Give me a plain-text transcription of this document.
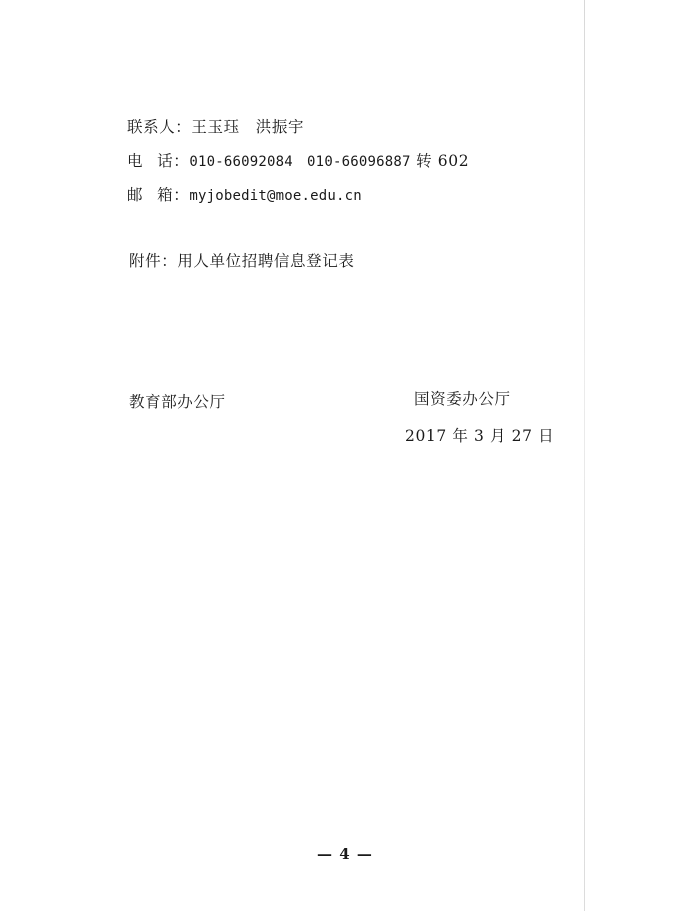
联系人：王玉珏　洪振宇
电 话：010-66092084　010-66096887 转 602
邮 箱：myjobedit@moe.edu.cn
附件：用人单位招聘信息登记表
教育部办公厅	国资委办公厅
2017 年 3 月 27 日
— 4 —
